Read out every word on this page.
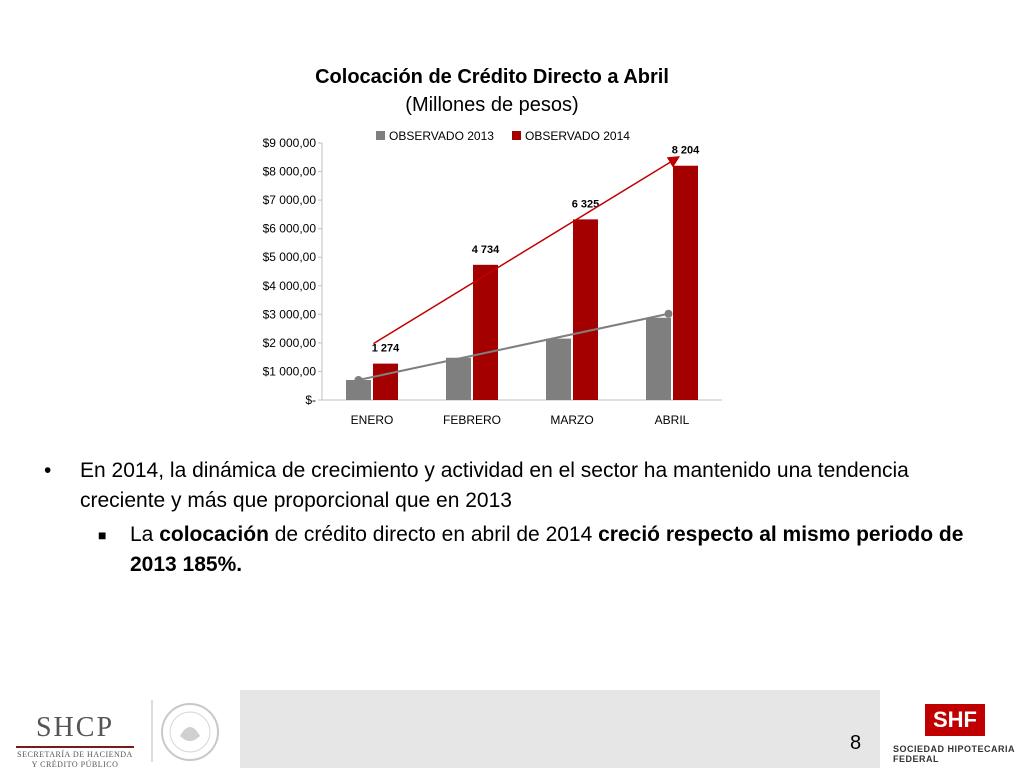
Colocación de Crédito Directo a Abril
(Millones de pesos)
$-
$1 000,00
$2 000,00
$3 000,00
$4 000,00
$5 000,00
$6 000,00
$7 000,00
$8 000,00
$9 000,00
1 274
ENERO
4 734
FEBRERO
6 325
MARZO
8 204
ABRIL
OBSERVADO 2013	OBSERVADO 2014
• En 2014, la dinámica de crecimiento y actividad en el sector ha mantenido una tendencia creciente y más que proporcional que en 2013
■ La colocación de crédito directo en abril de 2014 creció respecto al mismo periodo de 2013 185%.
8
SHCP
SECRETARÍA DE HACIENDA
Y CRÉDITO PÚBLICO
SHF
SOCIEDAD HIPOTECARIA FEDERAL
